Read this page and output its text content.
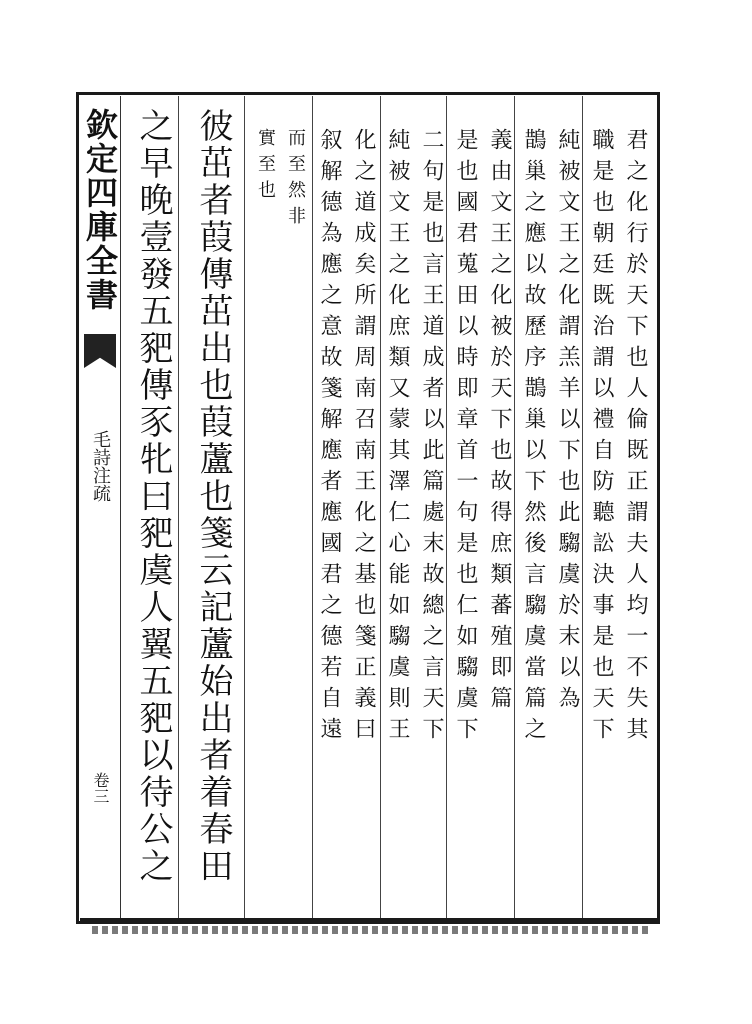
欽定四庫全書
毛詩注疏
卷三
君之化行於天下也人倫既正謂夫人均一不失其
職是也朝廷既治謂以禮自防聽訟決事是也天下
純被文王之化謂羔羊以下也此騶虞於末以為
鵲巢之應以故歷序鵲巢以下然後言騶虞當篇之
義由文王之化被於天下也故得庶類蕃殖即篇
是也國君蒐田以時即章首一句是也仁如騶虞下
二句是也言王道成者以此篇處末故總之言天下
純被文王之化庶類又蒙其澤仁心能如騶虞則王
化之道成矣所謂周南召南王化之基也箋正義曰
叙解德為應之意故箋解應者應國君之德若自遠
而至然非
實至也
彼茁者葭傳茁出也葭蘆也箋云記蘆始出者着春田
之早晚壹發五豝傳豕牝曰豝虞人翼五豝以待公之
